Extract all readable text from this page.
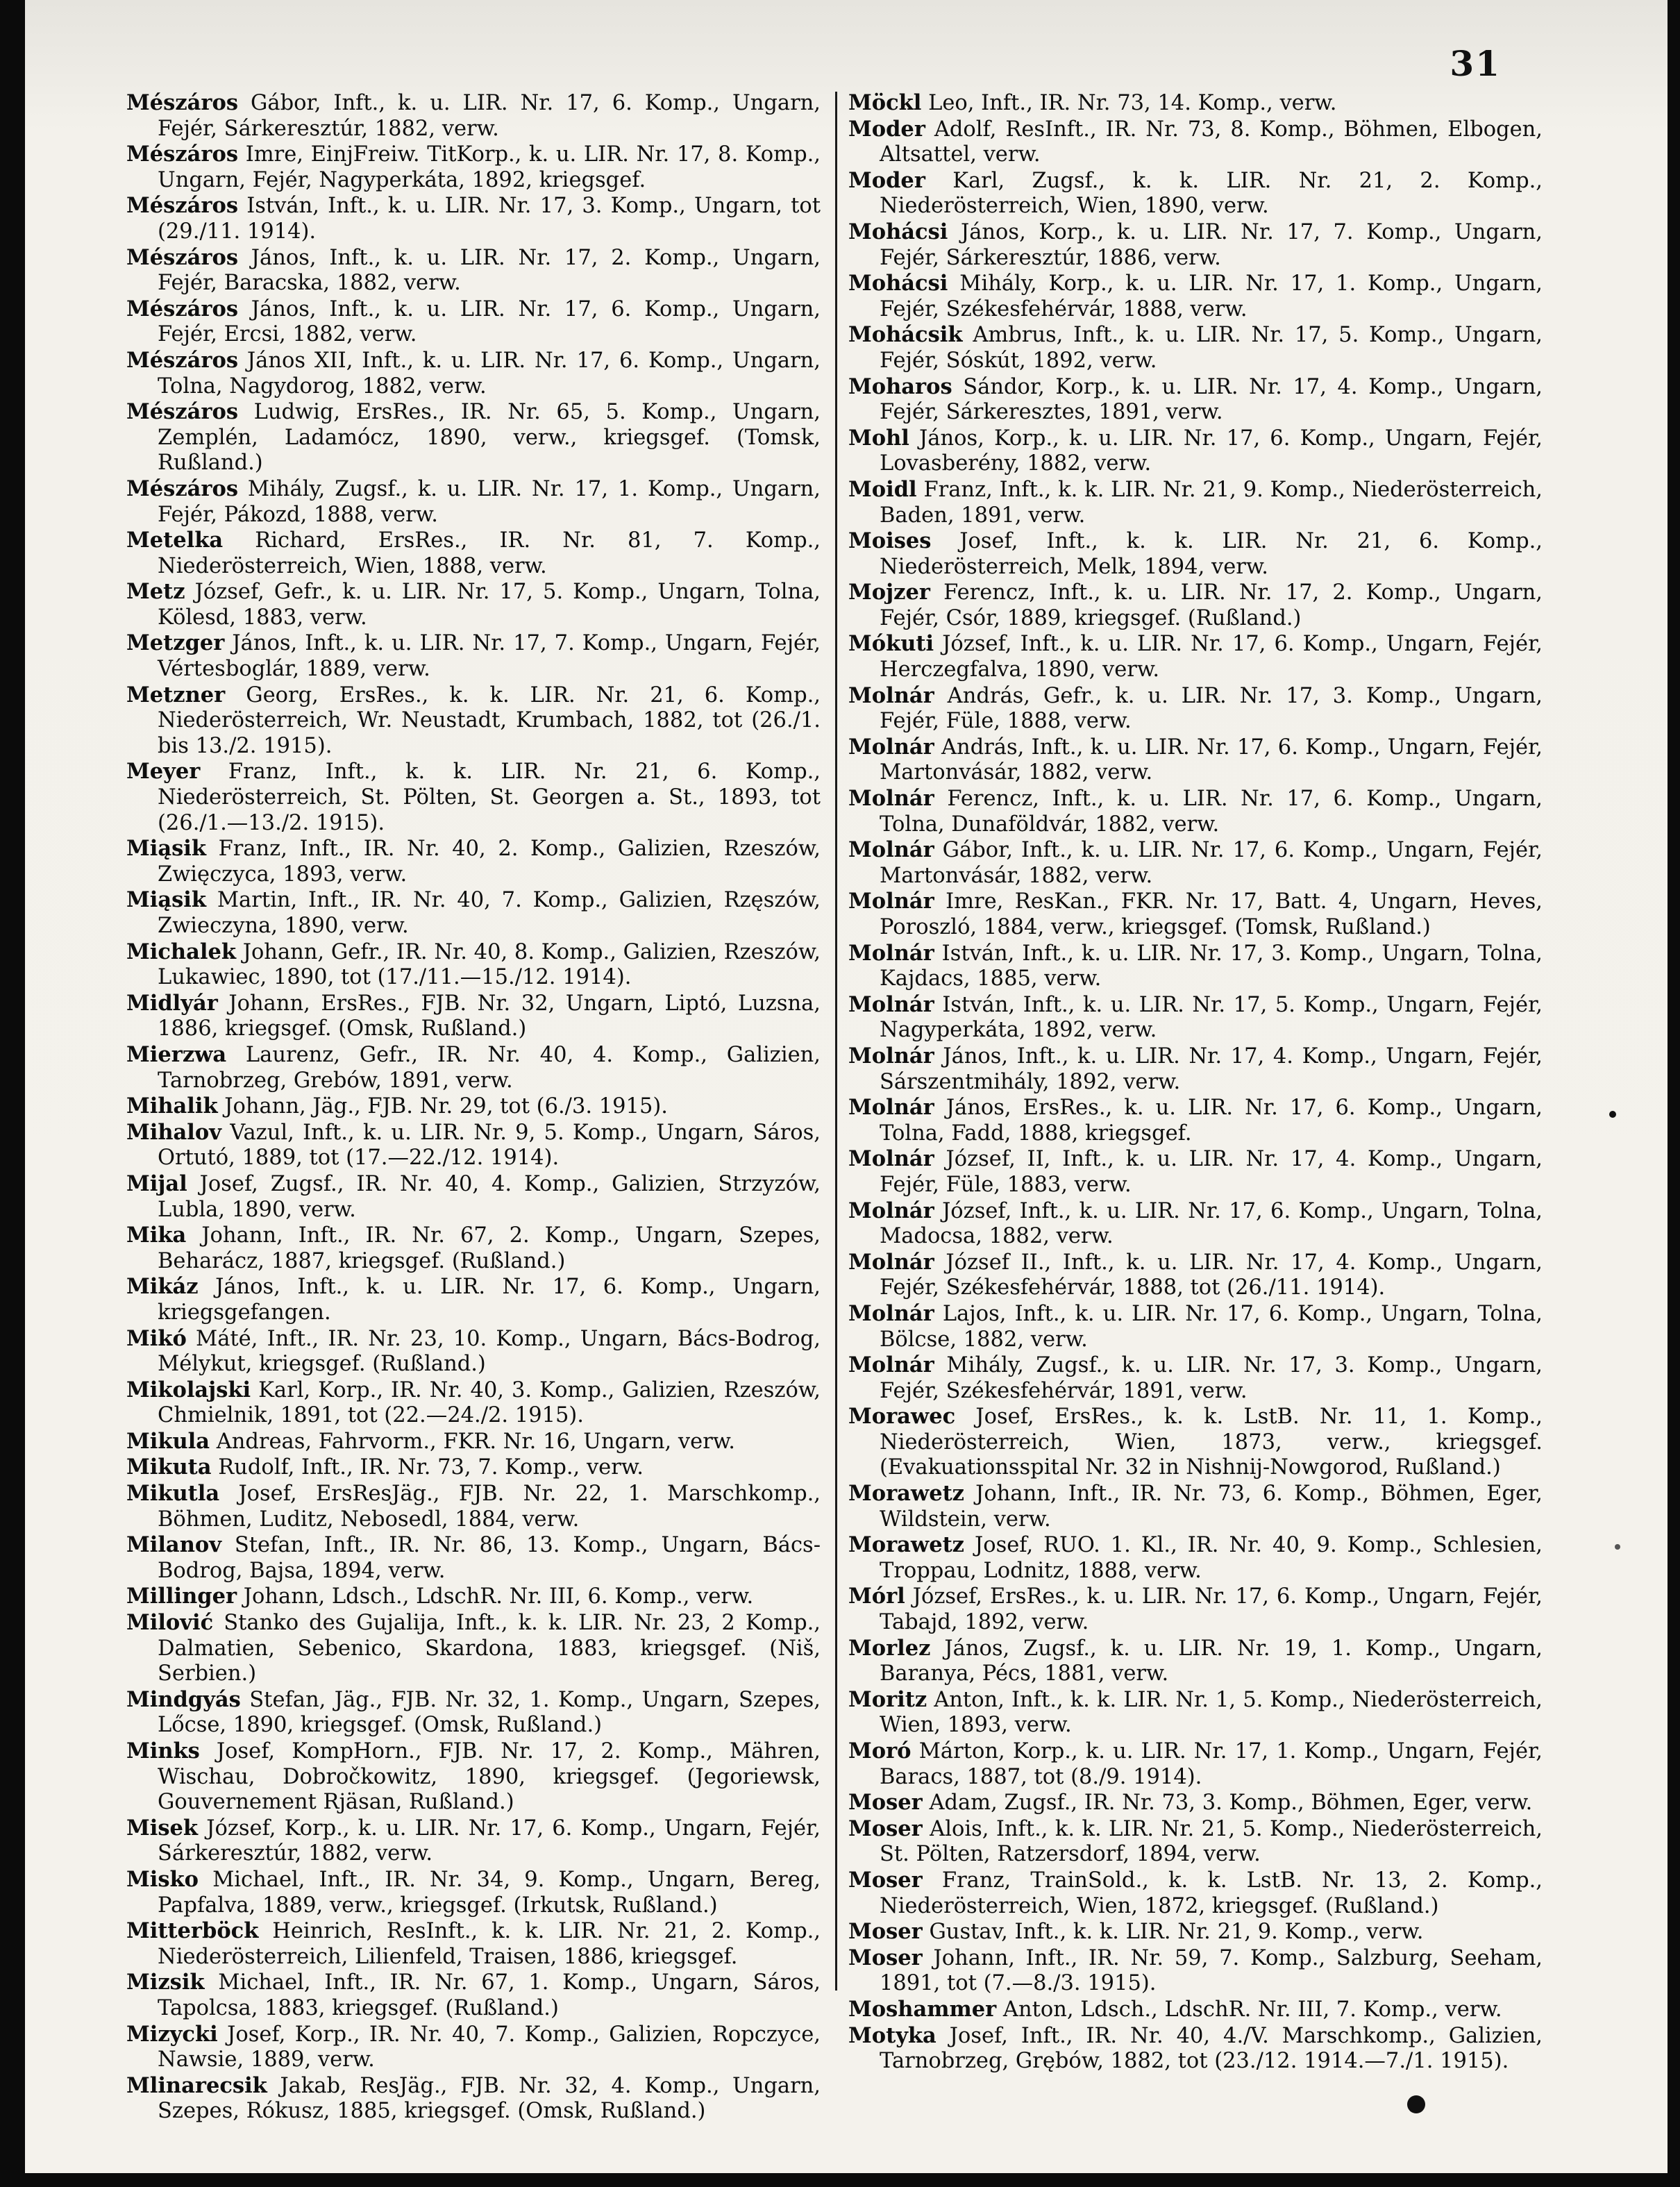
31

Mészáros Gábor, Inft., k. u. LIR. Nr. 17, 6. Komp., Ungarn, Fejér, Sárkeresztúr, 1882, verw.

Mészáros Imre, EinjFreiw. TitKorp., k. u. LIR. Nr. 17, 8. Komp., Ungarn, Fejér, Nagyperkáta, 1892, kriegsgef.

Mészáros István, Inft., k. u. LIR. Nr. 17, 3. Komp., Ungarn, tot (29./11. 1914).

Mészáros János, Inft., k. u. LIR. Nr. 17, 2. Komp., Ungarn, Fejér, Baracska, 1882, verw.

Mészáros János, Inft., k. u. LIR. Nr. 17, 6. Komp., Ungarn, Fejér, Ercsi, 1882, verw.

Mészáros János XII, Inft., k. u. LIR. Nr. 17, 6. Komp., Ungarn, Tolna, Nagydorog, 1882, verw.

Mészáros Ludwig, ErsRes., IR. Nr. 65, 5. Komp., Ungarn, Zemplén, Ladamócz, 1890, verw., kriegsgef. (Tomsk, Rußland.)

Mészáros Mihály, Zugsf., k. u. LIR. Nr. 17, 1. Komp., Ungarn, Fejér, Pákozd, 1888, verw.

Metelka Richard, ErsRes., IR. Nr. 81, 7. Komp., Niederösterreich, Wien, 1888, verw.

Metz József, Gefr., k. u. LIR. Nr. 17, 5. Komp., Ungarn, Tolna, Kölesd, 1883, verw.

Metzger János, Inft., k. u. LIR. Nr. 17, 7. Komp., Ungarn, Fejér, Vértesboglár, 1889, verw.

Metzner Georg, ErsRes., k. k. LIR. Nr. 21, 6. Komp., Niederösterreich, Wr. Neustadt, Krumbach, 1882, tot (26./1. bis 13./2. 1915).

Meyer Franz, Inft., k. k. LIR. Nr. 21, 6. Komp., Niederösterreich, St. Pölten, St. Georgen a. St., 1893, tot (26./1.—13./2. 1915).

Miąsik Franz, Inft., IR. Nr. 40, 2. Komp., Galizien, Rzeszów, Zwięczyca, 1893, verw.

Miąsik Martin, Inft., IR. Nr. 40, 7. Komp., Galizien, Rzęszów, Zwieczyna, 1890, verw.

Michalek Johann, Gefr., IR. Nr. 40, 8. Komp., Galizien, Rzeszów, Lukawiec, 1890, tot (17./11.—15./12. 1914).

Midlyár Johann, ErsRes., FJB. Nr. 32, Ungarn, Liptó, Luzsna, 1886, kriegsgef. (Omsk, Rußland.)

Mierzwa Laurenz, Gefr., IR. Nr. 40, 4. Komp., Galizien, Tarnobrzeg, Grebów, 1891, verw.

Mihalik Johann, Jäg., FJB. Nr. 29, tot (6./3. 1915).

Mihalov Vazul, Inft., k. u. LIR. Nr. 9, 5. Komp., Ungarn, Sáros, Ortutó, 1889, tot (17.—22./12. 1914).

Mijal Josef, Zugsf., IR. Nr. 40, 4. Komp., Galizien, Strzyzów, Lubla, 1890, verw.

Mika Johann, Inft., IR. Nr. 67, 2. Komp., Ungarn, Szepes, Beharácz, 1887, kriegsgef. (Rußland.)

Mikáz János, Inft., k. u. LIR. Nr. 17, 6. Komp., Ungarn, kriegsgefangen.

Mikó Máté, Inft., IR. Nr. 23, 10. Komp., Ungarn, Bács-Bodrog, Mélykut, kriegsgef. (Rußland.)

Mikolajski Karl, Korp., IR. Nr. 40, 3. Komp., Galizien, Rzeszów, Chmielnik, 1891, tot (22.—24./2. 1915).

Mikula Andreas, Fahrvorm., FKR. Nr. 16, Ungarn, verw.

Mikuta Rudolf, Inft., IR. Nr. 73, 7. Komp., verw.

Mikutla Josef, ErsResJäg., FJB. Nr. 22, 1. Marschkomp., Böhmen, Luditz, Nebosedl, 1884, verw.

Milanov Stefan, Inft., IR. Nr. 86, 13. Komp., Ungarn, Bács-Bodrog, Bajsa, 1894, verw.

Millinger Johann, Ldsch., LdschR. Nr. III, 6. Komp., verw.

Milović Stanko des Gujalija, Inft., k. k. LIR. Nr. 23, 2 Komp., Dalmatien, Sebenico, Skardona, 1883, kriegsgef. (Niš, Serbien.)

Mindgyás Stefan, Jäg., FJB. Nr. 32, 1. Komp., Ungarn, Szepes, Lőcse, 1890, kriegsgef. (Omsk, Rußland.)

Minks Josef, KompHorn., FJB. Nr. 17, 2. Komp., Mähren, Wischau, Dobročkowitz, 1890, kriegsgef. (Jegoriewsk, Gouvernement Rjäsan, Rußland.)

Misek József, Korp., k. u. LIR. Nr. 17, 6. Komp., Ungarn, Fejér, Sárkeresztúr, 1882, verw.

Misko Michael, Inft., IR. Nr. 34, 9. Komp., Ungarn, Bereg, Papfalva, 1889, verw., kriegsgef. (Irkutsk, Rußland.)

Mitterböck Heinrich, ResInft., k. k. LIR. Nr. 21, 2. Komp., Niederösterreich, Lilienfeld, Traisen, 1886, kriegsgef.

Mizsik Michael, Inft., IR. Nr. 67, 1. Komp., Ungarn, Sáros, Tapolcsa, 1883, kriegsgef. (Rußland.)

Mizycki Josef, Korp., IR. Nr. 40, 7. Komp., Galizien, Ropczyce, Nawsie, 1889, verw.

Mlinarecsik Jakab, ResJäg., FJB. Nr. 32, 4. Komp., Ungarn, Szepes, Rókusz, 1885, kriegsgef. (Omsk, Rußland.)

Möckl Leo, Inft., IR. Nr. 73, 14. Komp., verw.

Moder Adolf, ResInft., IR. Nr. 73, 8. Komp., Böhmen, Elbogen, Altsattel, verw.

Moder Karl, Zugsf., k. k. LIR. Nr. 21, 2. Komp., Niederösterreich, Wien, 1890, verw.

Mohácsi János, Korp., k. u. LIR. Nr. 17, 7. Komp., Ungarn, Fejér, Sárkeresztúr, 1886, verw.

Mohácsi Mihály, Korp., k. u. LIR. Nr. 17, 1. Komp., Ungarn, Fejér, Székesfehérvár, 1888, verw.

Mohácsik Ambrus, Inft., k. u. LIR. Nr. 17, 5. Komp., Ungarn, Fejér, Sóskút, 1892, verw.

Moharos Sándor, Korp., k. u. LIR. Nr. 17, 4. Komp., Ungarn, Fejér, Sárkeresztes, 1891, verw.

Mohl János, Korp., k. u. LIR. Nr. 17, 6. Komp., Ungarn, Fejér, Lovasberény, 1882, verw.

Moidl Franz, Inft., k. k. LIR. Nr. 21, 9. Komp., Niederösterreich, Baden, 1891, verw.

Moises Josef, Inft., k. k. LIR. Nr. 21, 6. Komp., Niederösterreich, Melk, 1894, verw.

Mojzer Ferencz, Inft., k. u. LIR. Nr. 17, 2. Komp., Ungarn, Fejér, Csór, 1889, kriegsgef. (Rußland.)

Mókuti József, Inft., k. u. LIR. Nr. 17, 6. Komp., Ungarn, Fejér, Herczegfalva, 1890, verw.

Molnár András, Gefr., k. u. LIR. Nr. 17, 3. Komp., Ungarn, Fejér, Füle, 1888, verw.

Molnár András, Inft., k. u. LIR. Nr. 17, 6. Komp., Ungarn, Fejér, Martonvásár, 1882, verw.

Molnár Ferencz, Inft., k. u. LIR. Nr. 17, 6. Komp., Ungarn, Tolna, Dunaföldvár, 1882, verw.

Molnár Gábor, Inft., k. u. LIR. Nr. 17, 6. Komp., Ungarn, Fejér, Martonvásár, 1882, verw.

Molnár Imre, ResKan., FKR. Nr. 17, Batt. 4, Ungarn, Heves, Poroszló, 1884, verw., kriegsgef. (Tomsk, Rußland.)

Molnár István, Inft., k. u. LIR. Nr. 17, 3. Komp., Ungarn, Tolna, Kajdacs, 1885, verw.

Molnár István, Inft., k. u. LIR. Nr. 17, 5. Komp., Ungarn, Fejér, Nagyperkáta, 1892, verw.

Molnár János, Inft., k. u. LIR. Nr. 17, 4. Komp., Ungarn, Fejér, Sárszentmihály, 1892, verw.

Molnár János, ErsRes., k. u. LIR. Nr. 17, 6. Komp., Ungarn, Tolna, Fadd, 1888, kriegsgef.

Molnár József, II, Inft., k. u. LIR. Nr. 17, 4. Komp., Ungarn, Fejér, Füle, 1883, verw.

Molnár József, Inft., k. u. LIR. Nr. 17, 6. Komp., Ungarn, Tolna, Madocsa, 1882, verw.

Molnár József II., Inft., k. u. LIR. Nr. 17, 4. Komp., Ungarn, Fejér, Székesfehérvár, 1888, tot (26./11. 1914).

Molnár Lajos, Inft., k. u. LIR. Nr. 17, 6. Komp., Ungarn, Tolna, Bölcse, 1882, verw.

Molnár Mihály, Zugsf., k. u. LIR. Nr. 17, 3. Komp., Ungarn, Fejér, Székesfehérvár, 1891, verw.

Morawec Josef, ErsRes., k. k. LstB. Nr. 11, 1. Komp., Niederösterreich, Wien, 1873, verw., kriegsgef. (Evakuationsspital Nr. 32 in Nishnij-Nowgorod, Rußland.)

Morawetz Johann, Inft., IR. Nr. 73, 6. Komp., Böhmen, Eger, Wildstein, verw.

Morawetz Josef, RUO. 1. Kl., IR. Nr. 40, 9. Komp., Schlesien, Troppau, Lodnitz, 1888, verw.

Mórl József, ErsRes., k. u. LIR. Nr. 17, 6. Komp., Ungarn, Fejér, Tabajd, 1892, verw.

Morlez János, Zugsf., k. u. LIR. Nr. 19, 1. Komp., Ungarn, Baranya, Pécs, 1881, verw.

Moritz Anton, Inft., k. k. LIR. Nr. 1, 5. Komp., Niederösterreich, Wien, 1893, verw.

Moró Márton, Korp., k. u. LIR. Nr. 17, 1. Komp., Ungarn, Fejér, Baracs, 1887, tot (8./9. 1914).

Moser Adam, Zugsf., IR. Nr. 73, 3. Komp., Böhmen, Eger, verw.

Moser Alois, Inft., k. k. LIR. Nr. 21, 5. Komp., Niederösterreich, St. Pölten, Ratzersdorf, 1894, verw.

Moser Franz, TrainSold., k. k. LstB. Nr. 13, 2. Komp., Niederösterreich, Wien, 1872, kriegsgef. (Rußland.)

Moser Gustav, Inft., k. k. LIR. Nr. 21, 9. Komp., verw.

Moser Johann, Inft., IR. Nr. 59, 7. Komp., Salzburg, Seeham, 1891, tot (7.—8./3. 1915).

Moshammer Anton, Ldsch., LdschR. Nr. III, 7. Komp., verw.

Motyka Josef, Inft., IR. Nr. 40, 4./V. Marschkomp., Galizien, Tarnobrzeg, Grębów, 1882, tot (23./12. 1914.—7./1. 1915).
